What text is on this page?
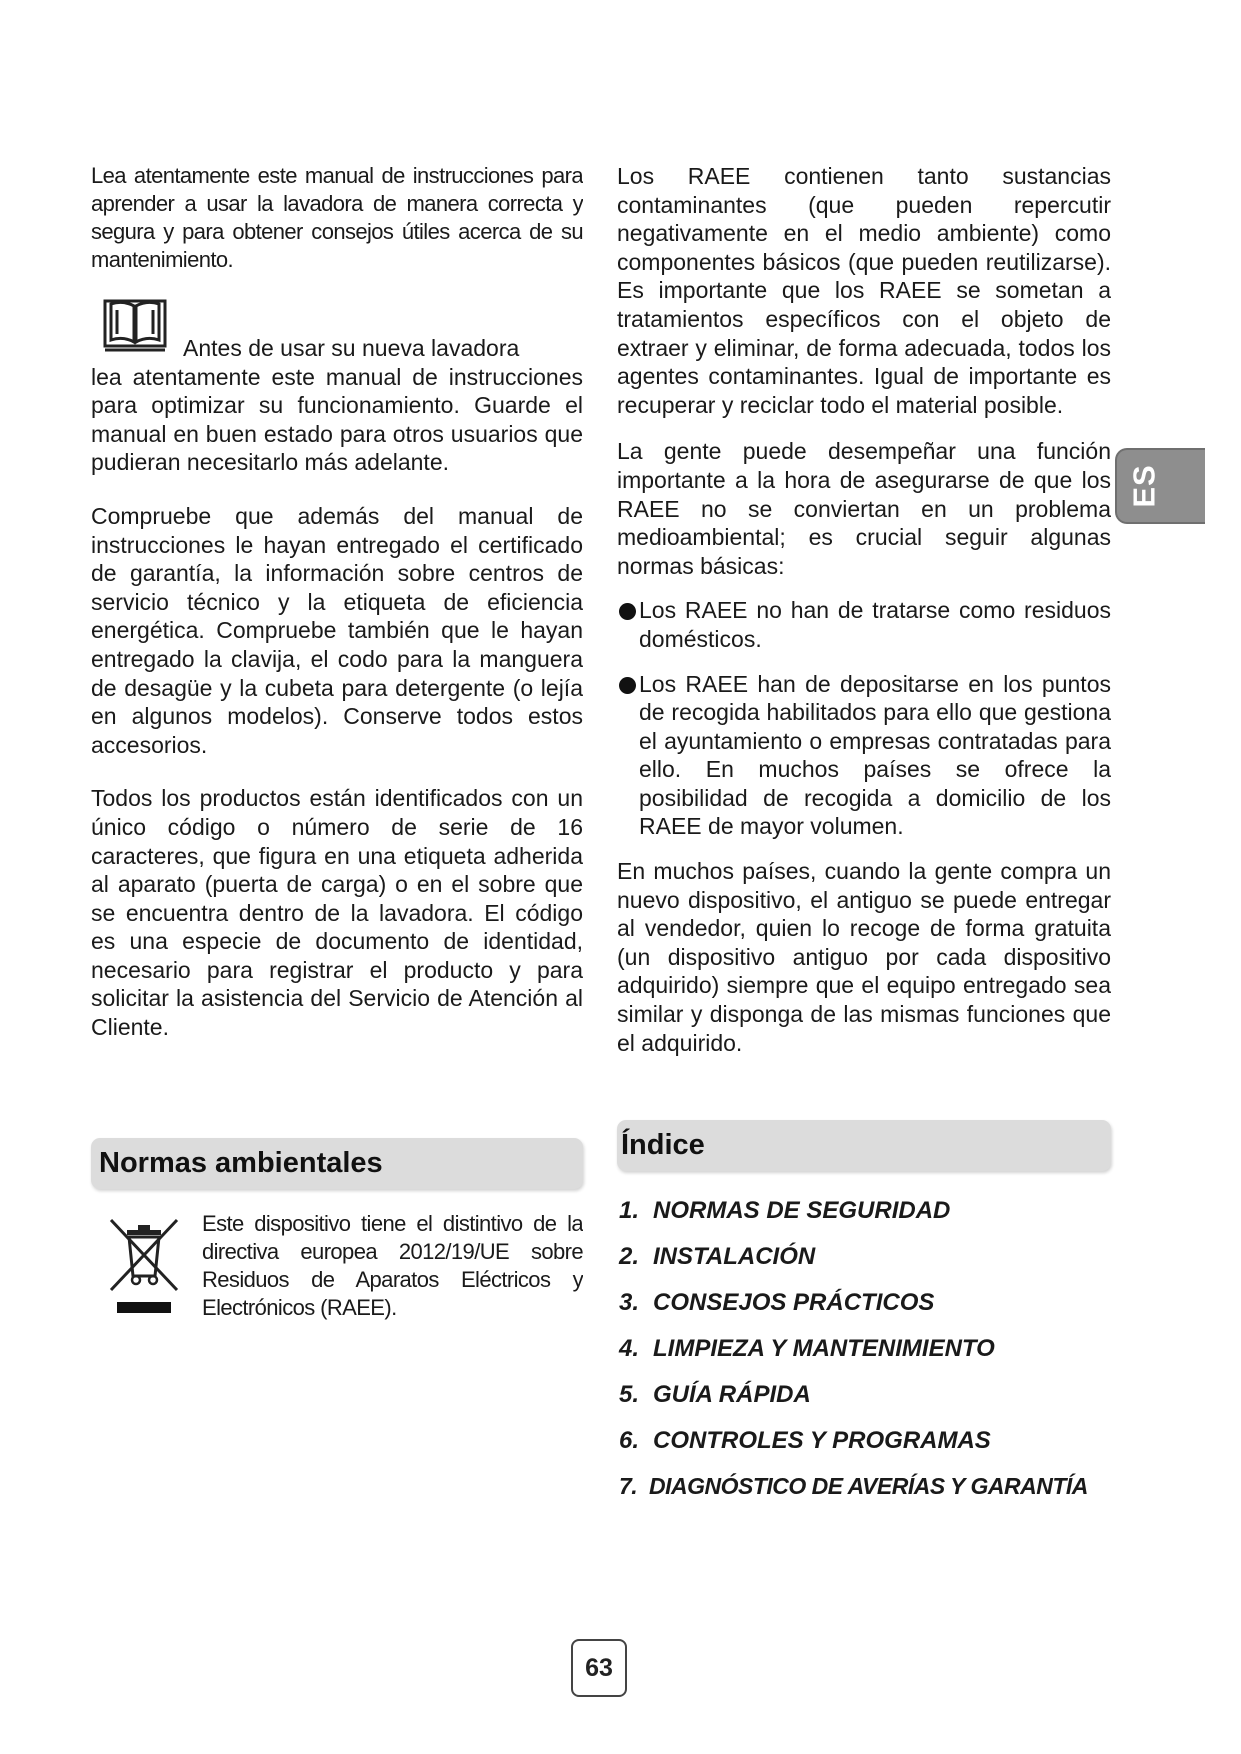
Lea atentamente este manual de instrucciones para aprender a usar la lavadora de manera correcta y segura y para obtener consejos útiles acerca de su mantenimiento.

Antes de usar su nueva lavadora

lea atentamente este manual de instrucciones para optimizar su funcionamiento. Guarde el manual en buen estado para otros usuarios que pudieran necesitarlo más adelante.

Compruebe que además del manual de instrucciones le hayan entregado el certificado de garantía, la información sobre centros de servicio técnico y la etiqueta de eficiencia energética. Compruebe también que le hayan entregado la clavija, el codo para la manguera de desagüe y la cubeta para detergente (o lejía en algunos modelos). Conserve todos estos accesorios.

Todos los productos están identificados con un único código o número de serie de 16 caracteres, que figura en una etiqueta adherida al aparato (puerta de carga) o en el sobre que se encuentra dentro de la lavadora. El código es una especie de documento de identidad, necesario para registrar el producto y para solicitar la asistencia del Servicio de Atención al Cliente.

Normas ambientales

Este dispositivo tiene el distintivo de la directiva europea 2012/19/UE sobre Residuos de Aparatos Eléctricos y Electrónicos (RAEE).

Los RAEE contienen tanto sustancias contaminantes (que pueden repercutir negativamente en el medio ambiente) como componentes básicos (que pueden reutilizarse). Es importante que los RAEE se sometan a tratamientos específicos con el objeto de extraer y eliminar, de forma adecuada, todos los agentes contaminantes. Igual de importante es recuperar y reciclar todo el material posible.

La gente puede desempeñar una función importante a la hora de asegurarse de que los RAEE no se conviertan en un problema medioambiental; es crucial seguir algunas normas básicas:

Los RAEE no han de tratarse como residuos domésticos.

Los RAEE han de depositarse en los puntos de recogida habilitados para ello que gestiona el ayuntamiento o empresas contratadas para ello. En muchos países se ofrece la posibilidad de recogida a domicilio de los RAEE de mayor volumen.

En muchos países, cuando la gente compra un nuevo dispositivo, el antiguo se puede entregar al vendedor, quien lo recoge de forma gratuita (un dispositivo antiguo por cada dispositivo adquirido) siempre que el equipo entregado sea similar y disponga de las mismas funciones que el adquirido.

Índice
1. NORMAS DE SEGURIDAD
2. INSTALACIÓN
3. CONSEJOS PRÁCTICOS
4. LIMPIEZA Y MANTENIMIENTO
5. GUÍA RÁPIDA
6. CONTROLES Y PROGRAMAS
7. DIAGNÓSTICO DE AVERÍAS Y GARANTÍA
ES
63
